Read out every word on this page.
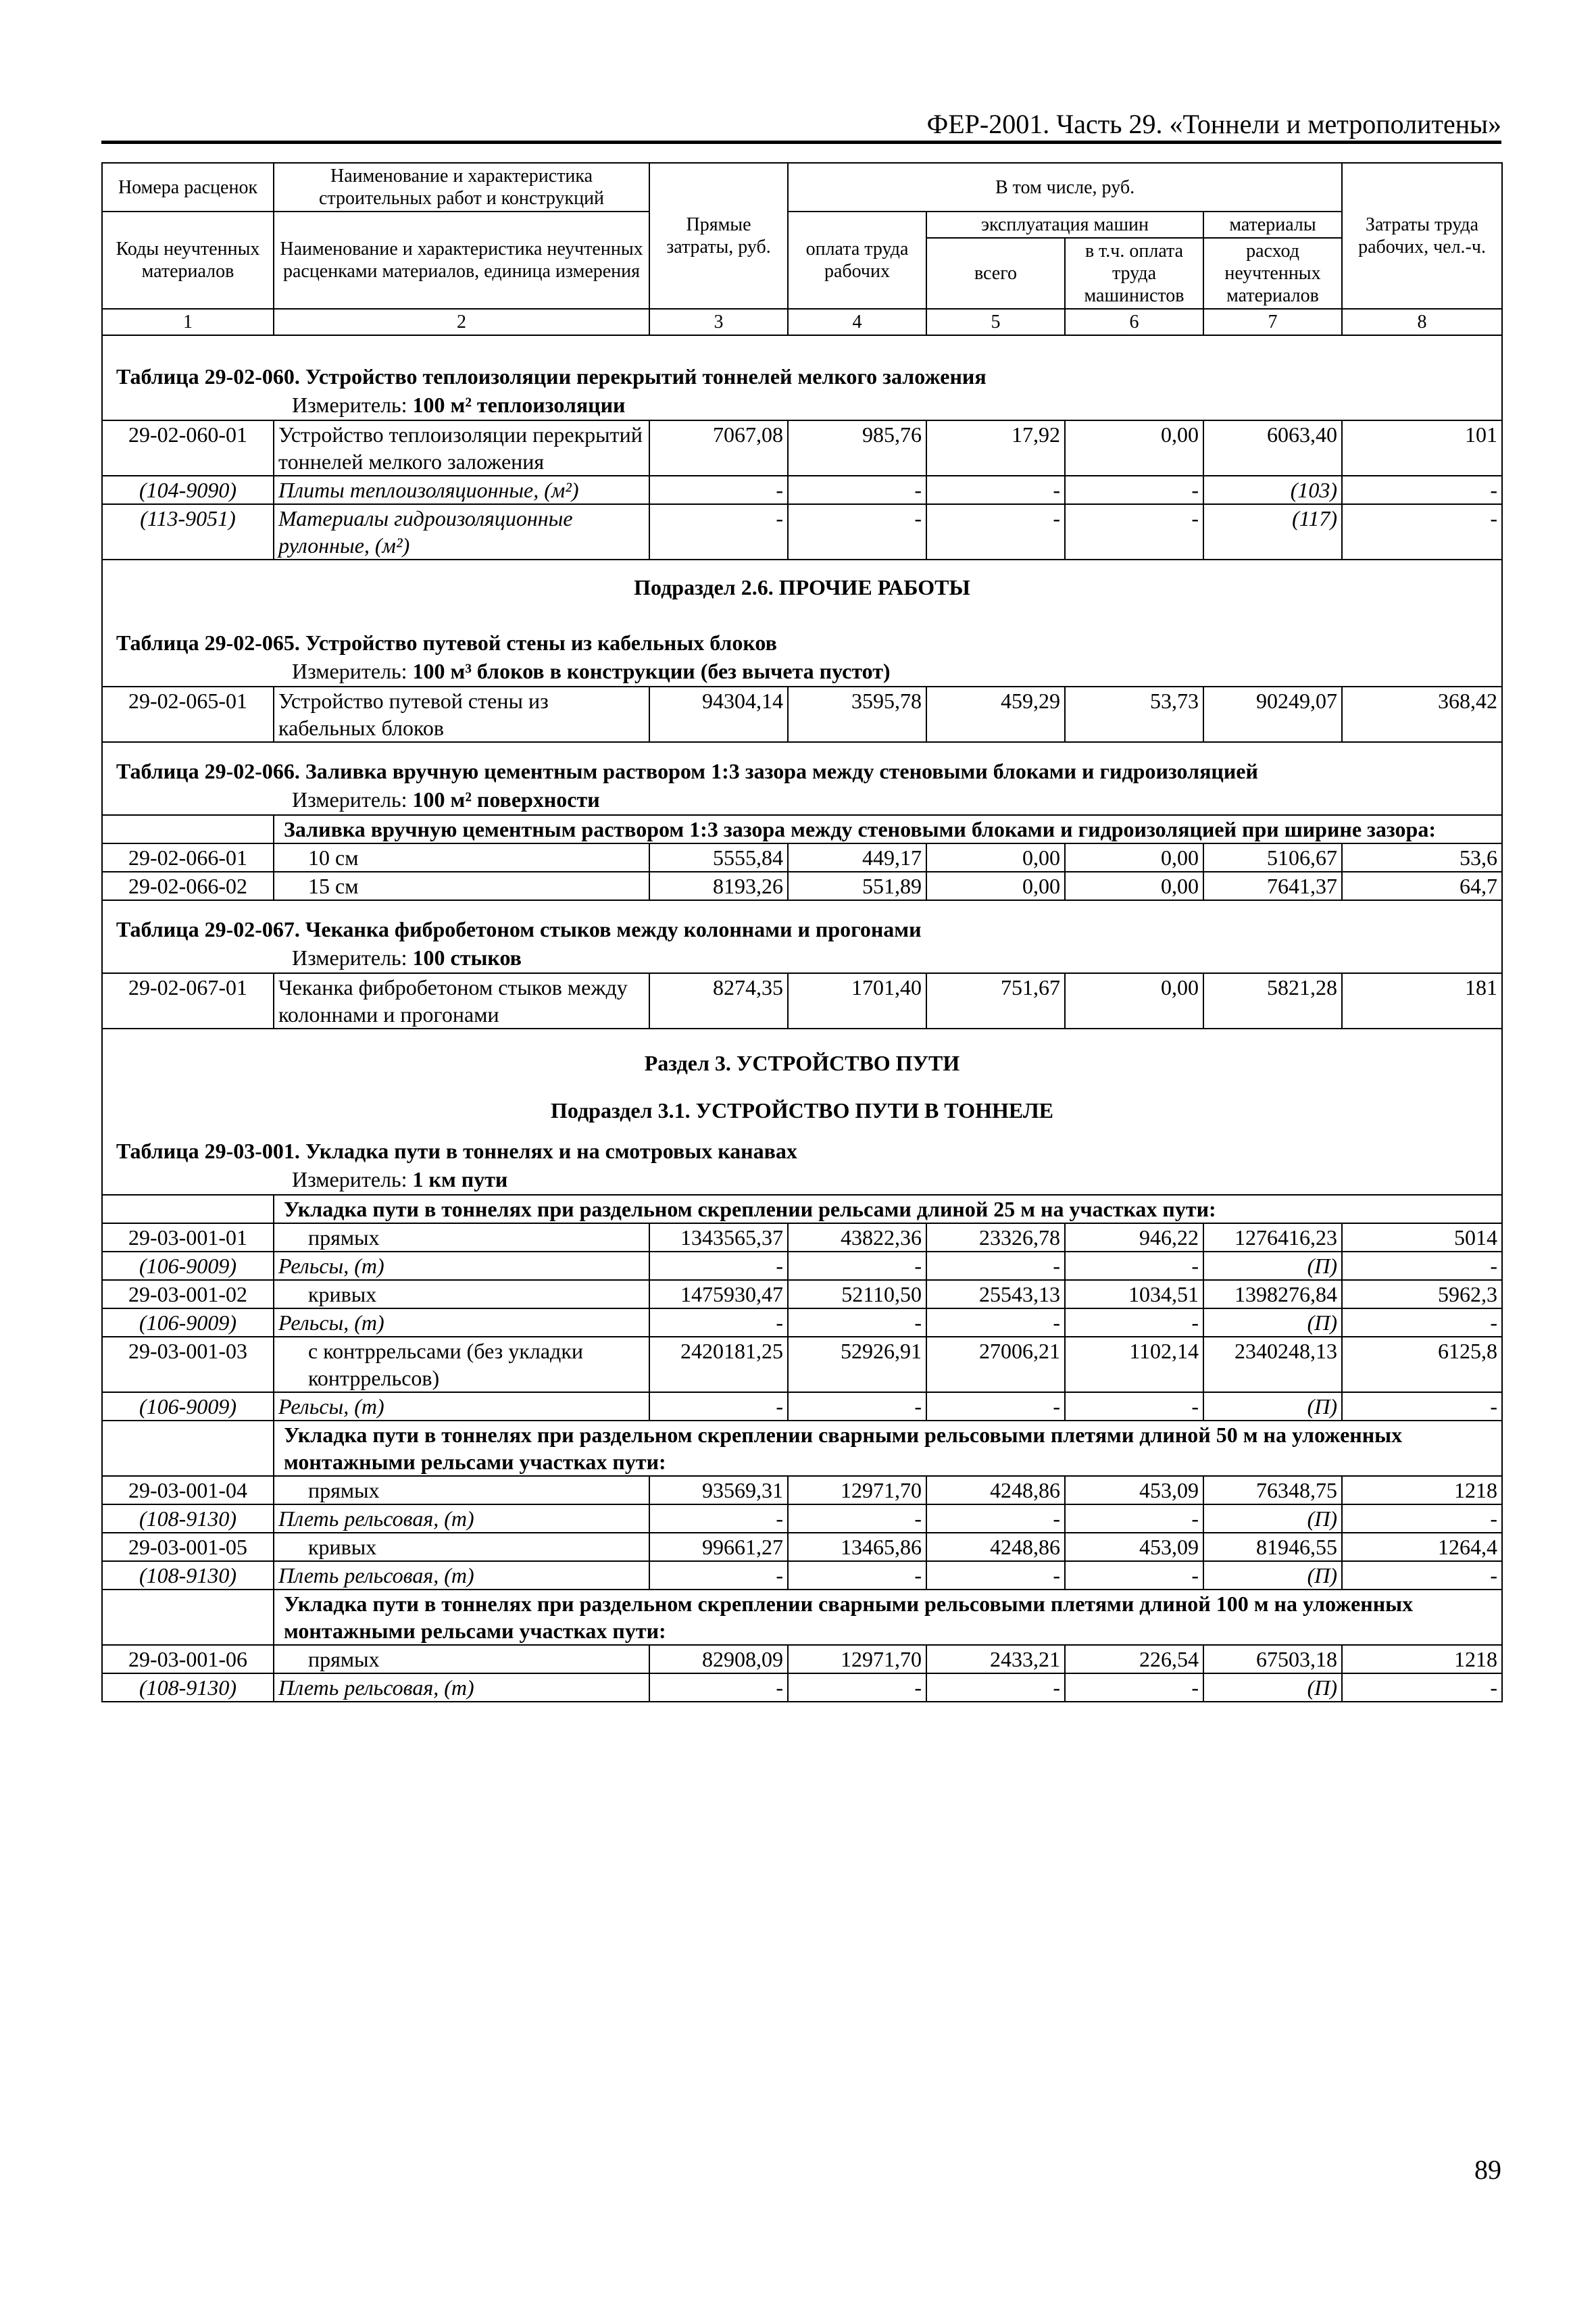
ФЕР-2001. Часть 29. «Тоннели и метрополитены»
Номера расценок	Наименование и характеристика строительных работ и конструкций	Прямые затраты, руб.	В том числе, руб.				Затраты труда рабочих, чел.-ч.
Коды неучтенных материалов	Наименование и характеристика неучтенных расценками материалов, единица измерения		оплата труда рабочих	эксплуатация машин		материалы	
				всего	в т.ч. оплата труда машинистов	расход неучтенных материалов	
1	2	3	4	5	6	7	8
Таблица 29-02-060. Устройство теплоизоляции перекрытий тоннелей мелкого заложения							
Измеритель: 100 м² теплоизоляции							
29-02-060-01	Устройство теплоизоляции перекрытий тоннелей мелкого заложения	7067,08	985,76	17,92	0,00	6063,40	101
(104-9090)	Плиты теплоизоляционные, (м²)	-	-	-	-	(103)	-
(113-9051)	Материалы гидроизоляционные рулонные, (м²)	-	-	-	-	(117)	-
Подраздел 2.6. ПРОЧИЕ РАБОТЫ							
Таблица 29-02-065. Устройство путевой стены из кабельных блоков							
Измеритель: 100 м³ блоков в конструкции (без вычета пустот)							
29-02-065-01	Устройство путевой стены из кабельных блоков	94304,14	3595,78	459,29	53,73	90249,07	368,42
Таблица 29-02-066. Заливка вручную цементным раствором 1:3 зазора между стеновыми блоками и гидроизоляцией							
Измеритель: 100 м² поверхности							
	Заливка вручную цементным раствором 1:3 зазора между стеновыми блоками и гидроизоляцией при ширине зазора:						
29-02-066-01	10 см	5555,84	449,17	0,00	0,00	5106,67	53,6
29-02-066-02	15 см	8193,26	551,89	0,00	0,00	7641,37	64,7
Таблица 29-02-067. Чеканка фибробетоном стыков между колоннами и прогонами							
Измеритель: 100 стыков							
29-02-067-01	Чеканка фибробетоном стыков между колоннами и прогонами	8274,35	1701,40	751,67	0,00	5821,28	181
Раздел 3. УСТРОЙСТВО ПУТИ							
Подраздел 3.1. УСТРОЙСТВО ПУТИ В ТОННЕЛЕ							
Таблица 29-03-001. Укладка пути в тоннелях и на смотровых канавах							
Измеритель: 1 км пути							
	Укладка пути в тоннелях при раздельном скреплении рельсами длиной 25 м на участках пути:						
29-03-001-01	прямых	1343565,37	43822,36	23326,78	946,22	1276416,23	5014
(106-9009)	Рельсы, (т)	-	-	-	-	(П)	-
29-03-001-02	кривых	1475930,47	52110,50	25543,13	1034,51	1398276,84	5962,3
(106-9009)	Рельсы, (т)	-	-	-	-	(П)	-
29-03-001-03	с контррельсами (без укладки контррельсов)	2420181,25	52926,91	27006,21	1102,14	2340248,13	6125,8
(106-9009)	Рельсы, (т)	-	-	-	-	(П)	-
	Укладка пути в тоннелях при раздельном скреплении сварными рельсовыми плетями длиной 50 м на уложенных монтажными рельсами участках пути:						
29-03-001-04	прямых	93569,31	12971,70	4248,86	453,09	76348,75	1218
(108-9130)	Плеть рельсовая, (т)	-	-	-	-	(П)	-
29-03-001-05	кривых	99661,27	13465,86	4248,86	453,09	81946,55	1264,4
(108-9130)	Плеть рельсовая, (т)	-	-	-	-	(П)	-
	Укладка пути в тоннелях при раздельном скреплении сварными рельсовыми плетями длиной 100 м на уложенных монтажными рельсами участках пути:						
29-03-001-06	прямых	82908,09	12971,70	2433,21	226,54	67503,18	1218
(108-9130)	Плеть рельсовая, (т)	-	-	-	-	(П)	-
89
